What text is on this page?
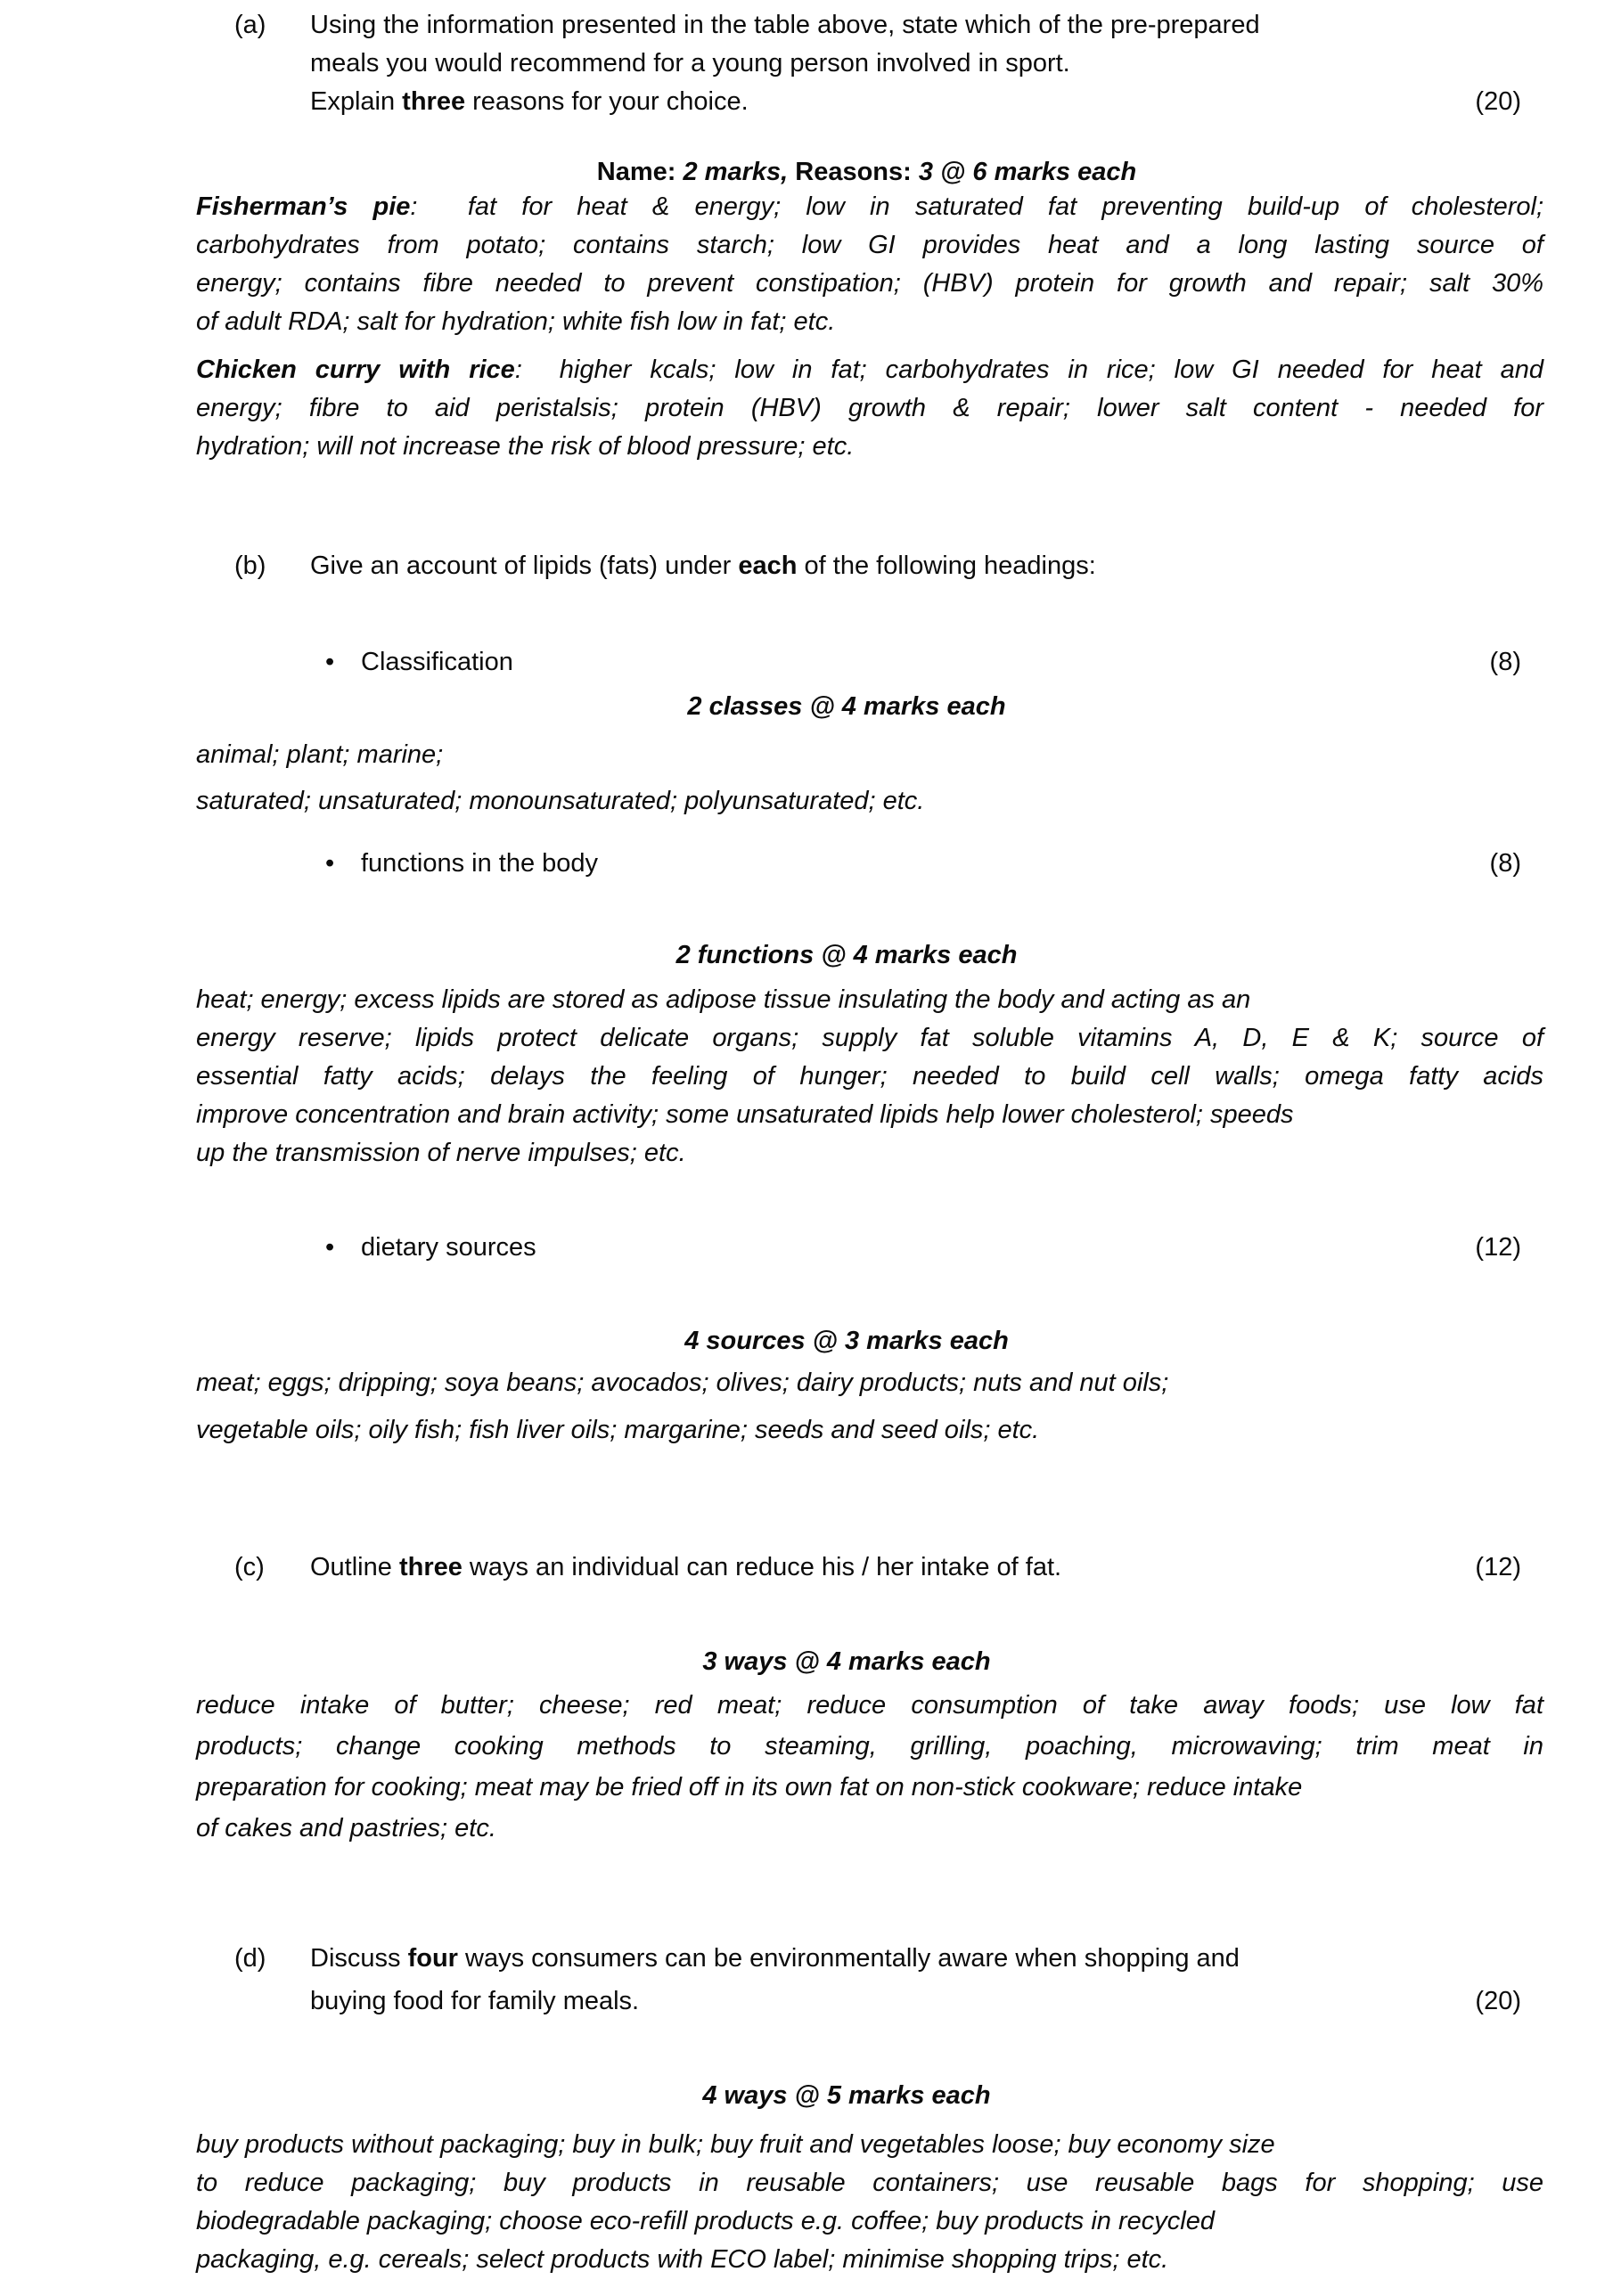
(a) Using the information presented in the table above, state which of the pre-prepared
meals you would recommend for a young person involved in sport.
Explain three reasons for your choice.	(20)
Name: 2 marks, Reasons: 3 @ 6 marks each
Fisherman’s pie:  fat for heat & energy; low in saturated fat preventing build-up of cholesterol;
carbohydrates from potato; contains starch; low GI provides heat and a long lasting source of
energy; contains fibre needed to prevent constipation; (HBV) protein for growth and repair; salt 30%
of adult RDA; salt for hydration; white fish low in fat; etc.
Chicken curry with rice:  higher kcals; low in fat; carbohydrates in rice; low GI needed for heat and
energy; fibre to aid peristalsis; protein (HBV) growth & repair; lower salt content - needed for
hydration; will not increase the risk of blood pressure; etc.
(b) Give an account of lipids (fats) under each of the following headings:
• Classification	(8)
2 classes @ 4 marks each
animal; plant; marine;
saturated; unsaturated; monounsaturated; polyunsaturated; etc.
• functions in the body	(8)
2 functions @ 4 marks each
heat; energy; excess lipids are stored as adipose tissue insulating the body and acting as an
energy reserve; lipids protect delicate organs; supply fat soluble vitamins A, D, E & K; source of
essential fatty acids; delays the feeling of hunger; needed to build cell walls; omega fatty acids
improve concentration and brain activity; some unsaturated lipids help lower cholesterol; speeds
up the transmission of nerve impulses; etc.
• dietary sources	(12)
4 sources @ 3 marks each
meat; eggs; dripping; soya beans; avocados; olives; dairy products; nuts and nut oils;
vegetable oils; oily fish; fish liver oils; margarine; seeds and seed oils; etc.
(c) Outline three ways an individual can reduce his / her intake of fat.	(12)
3 ways @ 4 marks each
reduce intake of butter; cheese; red meat; reduce consumption of take away foods; use low fat
products; change cooking methods to steaming, grilling, poaching, microwaving; trim meat in
preparation for cooking; meat may be fried off in its own fat on non-stick cookware; reduce intake
of cakes and pastries; etc.
(d) Discuss four ways consumers can be environmentally aware when shopping and
buying food for family meals.	(20)
4 ways @ 5 marks each
buy products without packaging; buy in bulk; buy fruit and vegetables loose; buy economy size
to reduce packaging; buy products in reusable containers; use reusable bags for shopping; use
biodegradable packaging; choose eco-refill products e.g. coffee; buy products in recycled
packaging, e.g. cereals; select products with ECO label; minimise shopping trips; etc.
